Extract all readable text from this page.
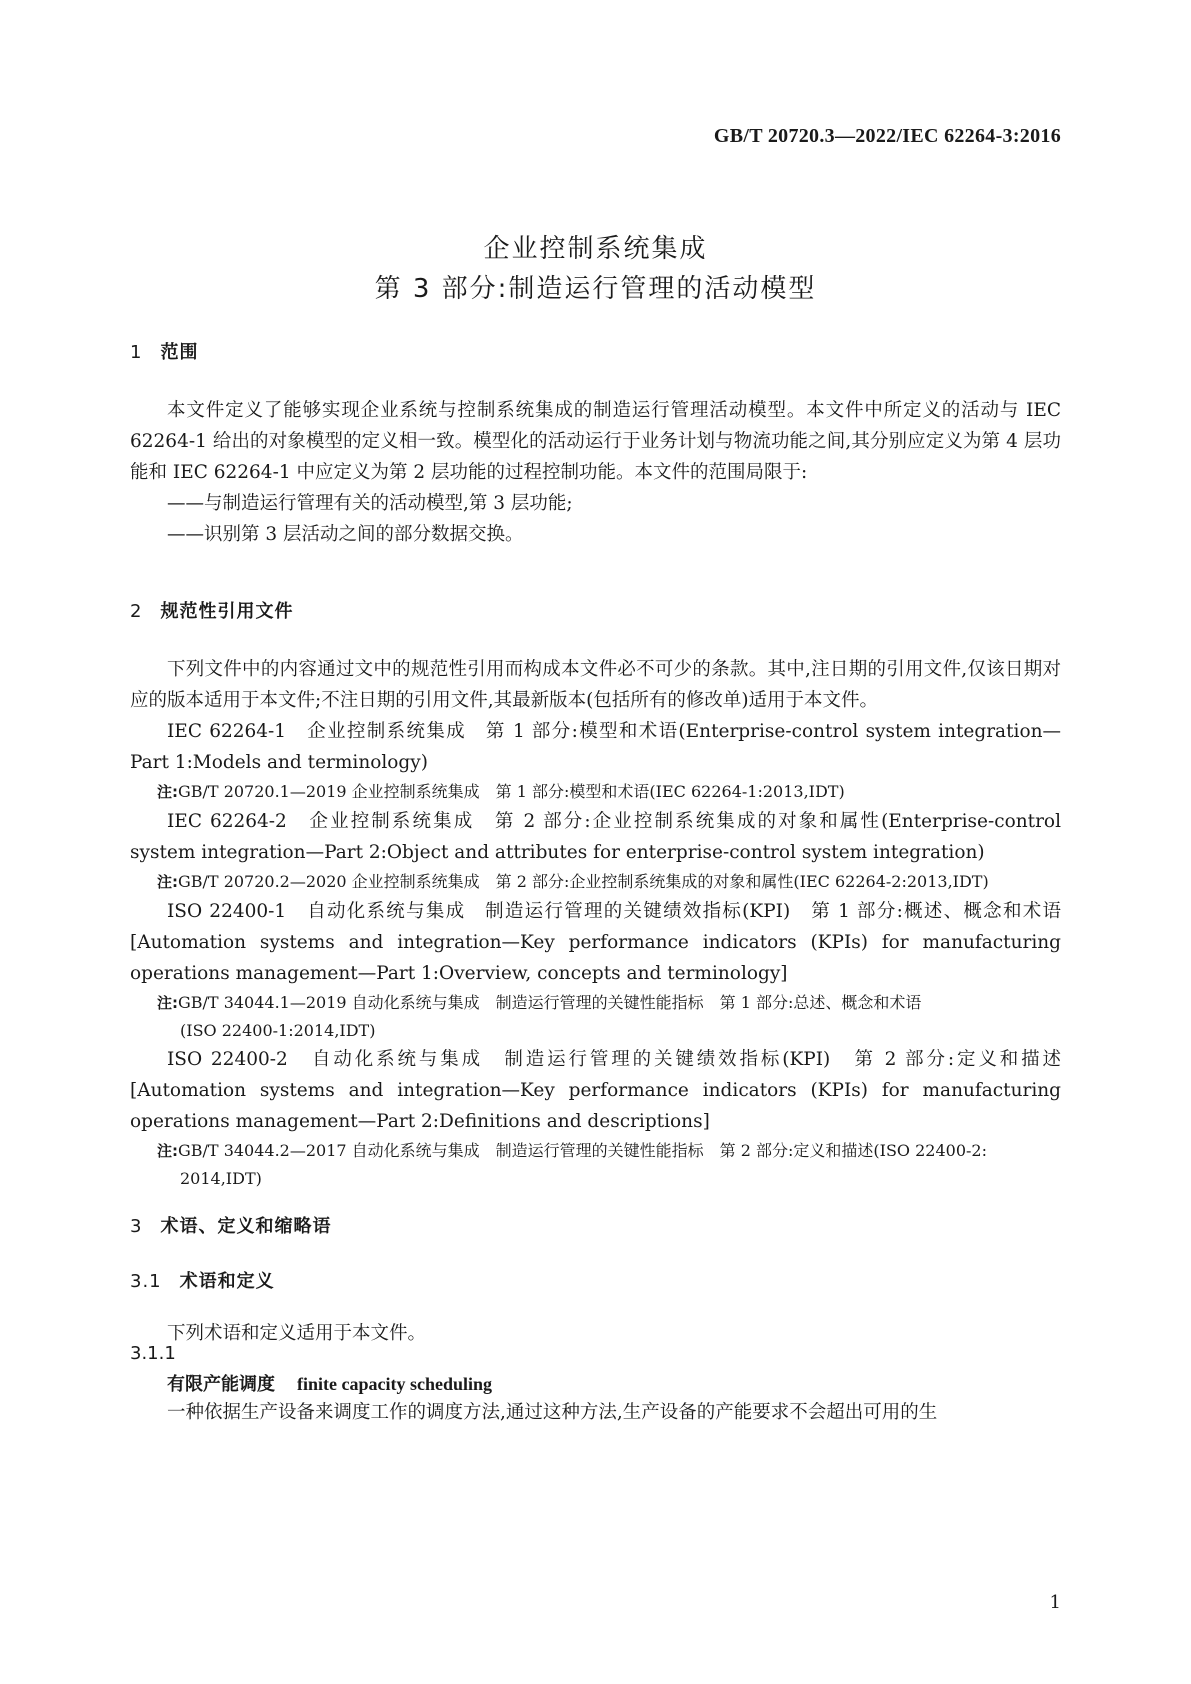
GB/T 20720.3—2022/IEC 62264-3:2016
企业控制系统集成
第 3 部分:制造运行管理的活动模型
1 范围

本文件定义了能够实现企业系统与控制系统集成的制造运行管理活动模型。本文件中所定义的活动与 IEC 62264-1 给出的对象模型的定义相一致。模型化的活动运行于业务计划与物流功能之间,其分别应定义为第 4 层功能和 IEC 62264-1 中应定义为第 2 层功能的过程控制功能。本文件的范围局限于:

——与制造运行管理有关的活动模型,第 3 层功能;

——识别第 3 层活动之间的部分数据交换。

2 规范性引用文件

下列文件中的内容通过文中的规范性引用而构成本文件必不可少的条款。其中,注日期的引用文件,仅该日期对应的版本适用于本文件;不注日期的引用文件,其最新版本(包括所有的修改单)适用于本文件。

IEC 62264-1　企业控制系统集成　第 1 部分:模型和术语(Enterprise-control system integration—Part 1:Models and terminology)

注:GB/T 20720.1—2019 企业控制系统集成　第 1 部分:模型和术语(IEC 62264-1:2013,IDT)

IEC 62264-2　企业控制系统集成　第 2 部分:企业控制系统集成的对象和属性(Enterprise-control system integration—Part 2:Object and attributes for enterprise-control system integration)

注:GB/T 20720.2—2020 企业控制系统集成　第 2 部分:企业控制系统集成的对象和属性(IEC 62264-2:2013,IDT)

ISO 22400-1　自动化系统与集成　制造运行管理的关键绩效指标(KPI)　第 1 部分:概述、概念和术语[Automation systems and integration—Key performance indicators (KPIs) for manufacturing operations management—Part 1:Overview, concepts and terminology]

注:GB/T 34044.1—2019 自动化系统与集成　制造运行管理的关键性能指标　第 1 部分:总述、概念和术语

(ISO 22400-1:2014,IDT)

ISO 22400-2　自动化系统与集成　制造运行管理的关键绩效指标(KPI)　第 2 部分:定义和描述[Automation systems and integration—Key performance indicators (KPIs) for manufacturing operations management—Part 2:Definitions and descriptions]

注:GB/T 34044.2—2017 自动化系统与集成　制造运行管理的关键性能指标　第 2 部分:定义和描述(ISO 22400-2:

2014,IDT)

3 术语、定义和缩略语
3.1 术语和定义

下列术语和定义适用于本文件。

3.1.1
有限产能调度 finite capacity scheduling

一种依据生产设备来调度工作的调度方法,通过这种方法,生产设备的产能要求不会超出可用的生

1
